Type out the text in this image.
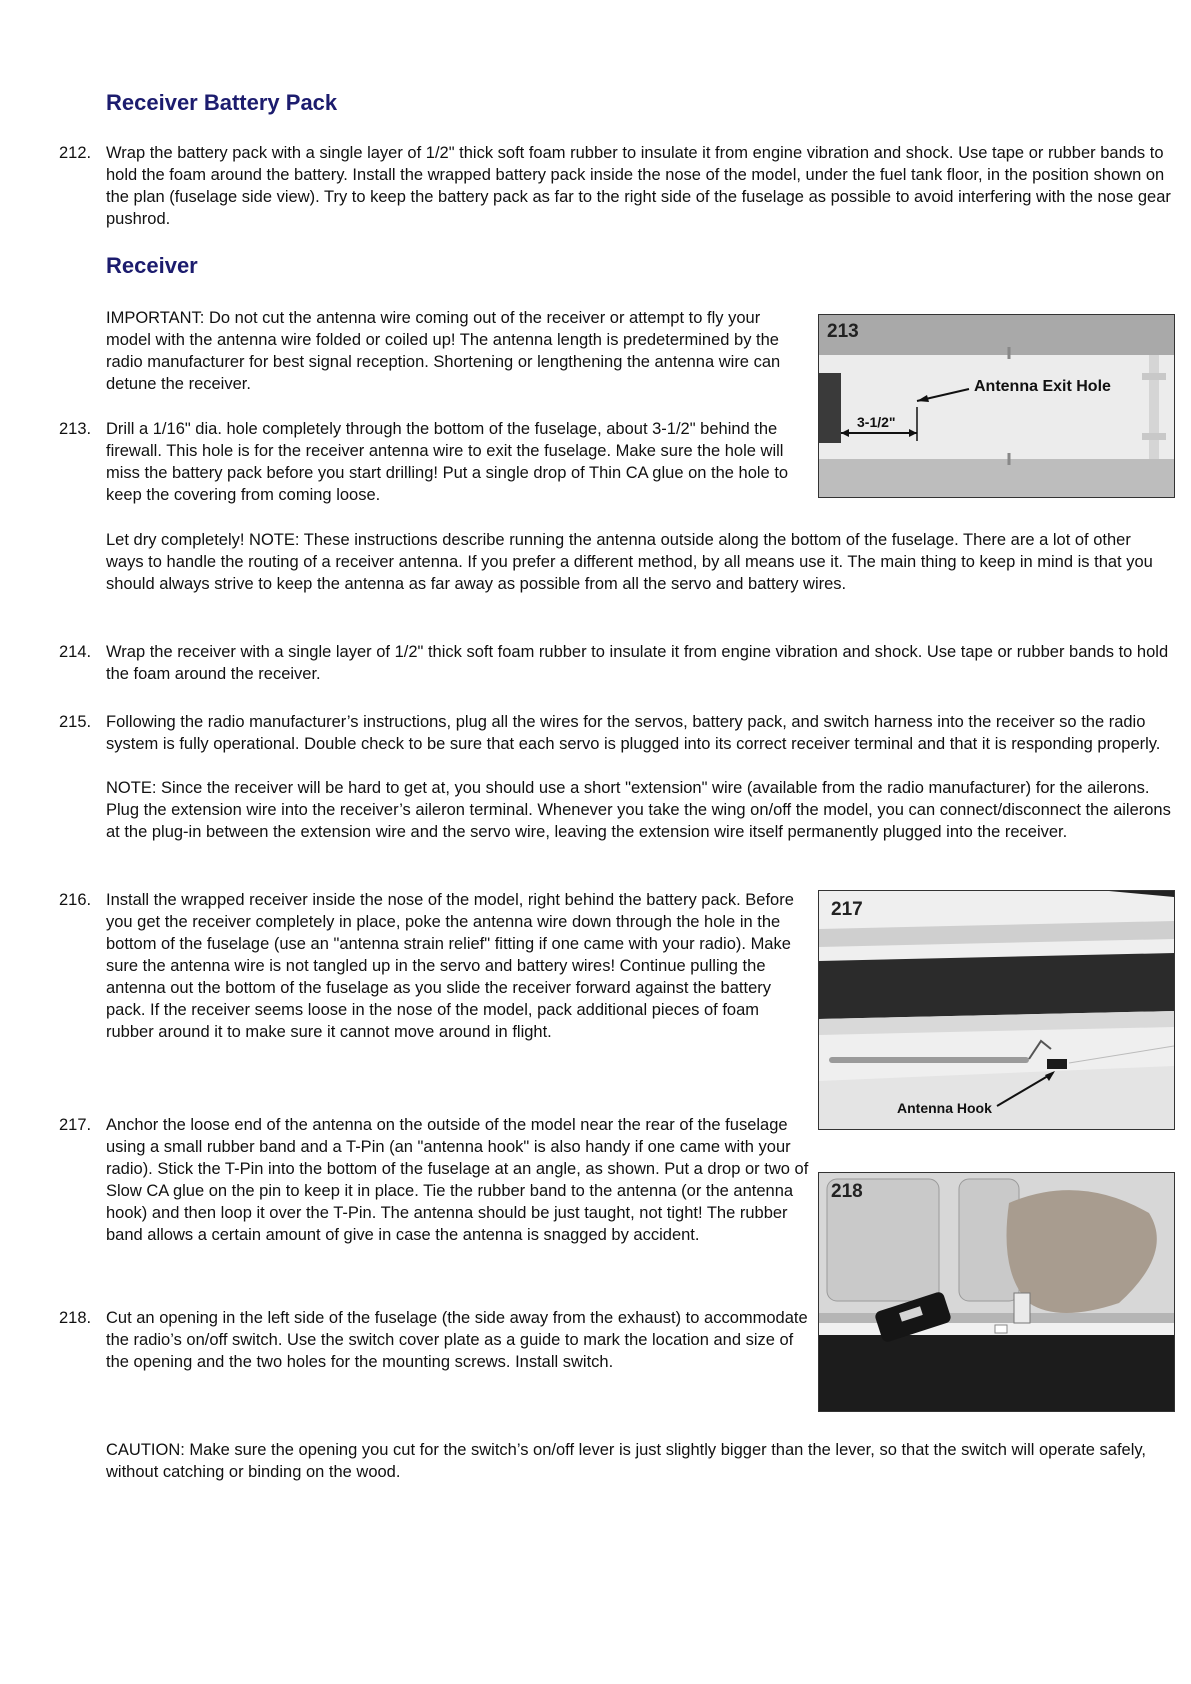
Receiver Battery Pack
212. Wrap the battery pack with a single layer of 1/2" thick soft foam rubber to insulate it from engine vibration and shock. Use tape or rubber bands to hold the foam around the battery. Install the wrapped battery pack inside the nose of the model, under the fuel tank floor, in the position shown on the plan (fuselage side view). Try to keep the battery pack as far to the right side of the fuselage as possible to avoid interfering with the nose gear pushrod.
Receiver
IMPORTANT: Do not cut the antenna wire coming out of the receiver or attempt to fly your model with the antenna wire folded or coiled up! The antenna length is predetermined by the radio manufacturer for best signal reception. Shortening or lengthening the antenna wire can detune the receiver.
213. Drill a 1/16" dia. hole completely through the bottom of the fuselage, about 3-1/2" behind the firewall. This hole is for the receiver antenna wire to exit the fuselage. Make sure the hole will miss the battery pack before you start drilling! Put a single drop of Thin CA glue on the hole to keep the covering from coming loose.
213
Antenna Exit Hole
3-1/2"
Let dry completely! NOTE: These instructions describe running the antenna outside along the bottom of the fuselage. There are a lot of other ways to handle the routing of a receiver antenna. If you prefer a different method, by all means use it. The main thing to keep in mind is that you should always strive to keep the antenna as far away as possible from all the servo and battery wires.
214. Wrap the receiver with a single layer of 1/2" thick soft foam rubber to insulate it from engine vibration and shock. Use tape or rubber bands to hold the foam around the receiver.
215. Following the radio manufacturer’s instructions, plug all the wires for the servos, battery pack, and switch harness into the receiver so the radio system is fully operational. Double check to be sure that each servo is plugged into its correct receiver terminal and that it is responding properly.
NOTE: Since the receiver will be hard to get at, you should use a short "extension" wire (available from the radio manufacturer) for the ailerons. Plug the extension wire into the receiver’s aileron terminal. Whenever you take the wing on/off the model, you can connect/disconnect the ailerons at the plug-in between the extension wire and the servo wire, leaving the extension wire itself permanently plugged into the receiver.
216. Install the wrapped receiver inside the nose of the model, right behind the battery pack. Before you get the receiver completely in place, poke the antenna wire down through the hole in the bottom of the fuselage (use an "antenna strain relief" fitting if one came with your radio). Make sure the antenna wire is not tangled up in the servo and battery wires! Continue pulling the antenna out the bottom of the fuselage as you slide the receiver forward against the battery pack. If the receiver seems loose in the nose of the model, pack additional pieces of foam rubber around it to make sure it cannot move around in flight.
217
Antenna Hook
217. Anchor the loose end of the antenna on the outside of the model near the rear of the fuselage using a small rubber band and a T-Pin (an "antenna hook" is also handy if one came with your radio). Stick the T-Pin into the bottom of the fuselage at an angle, as shown. Put a drop or two of Slow CA glue on the pin to keep it in place. Tie the rubber band to the antenna (or the antenna hook) and then loop it over the T-Pin. The antenna should be just taught, not tight! The rubber band allows a certain amount of give in case the antenna is snagged by accident.
218
218. Cut an opening in the left side of the fuselage (the side away from the exhaust) to accommodate the radio’s on/off switch. Use the switch cover plate as a guide to mark the location and size of the opening and the two holes for the mounting screws. Install switch.
CAUTION: Make sure the opening you cut for the switch’s on/off lever is just slightly bigger than the lever, so that the switch will operate safely, without catching or binding on the wood.
